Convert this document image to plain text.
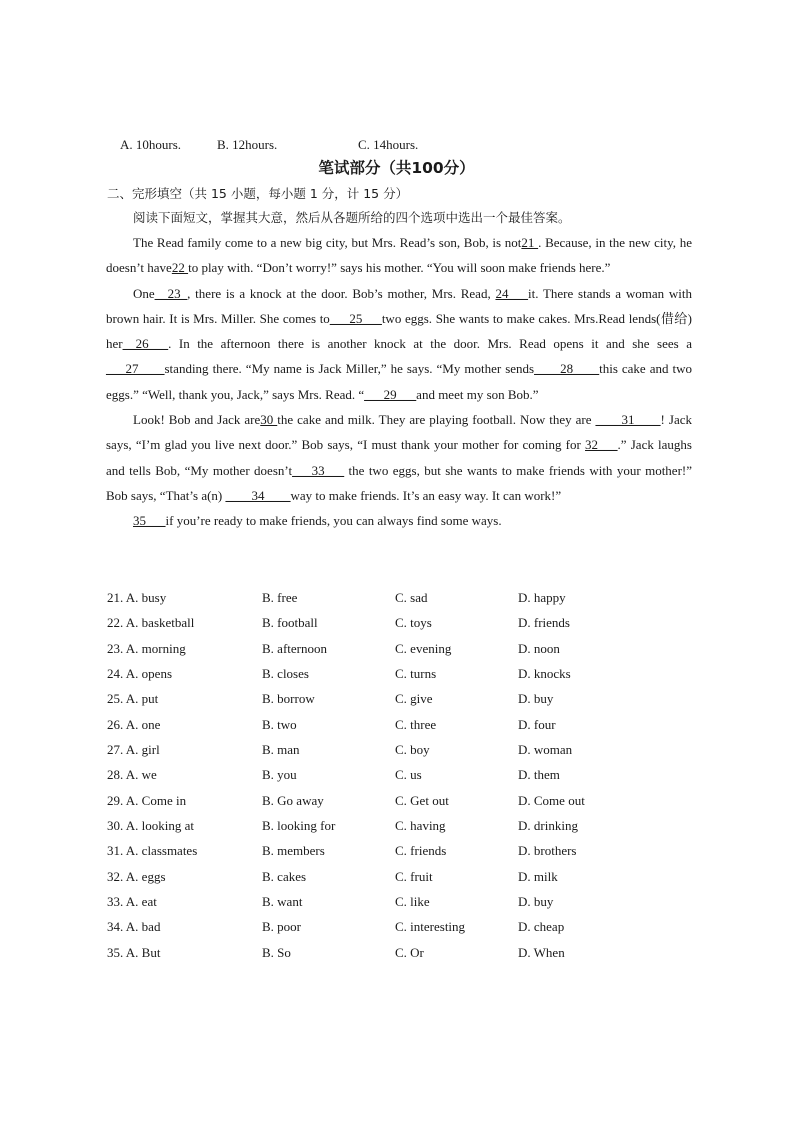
A. 10hours.	B. 12hours.	C. 14hours.
笔试部分（共100分）
二、完形填空（共 15 小题，每小题 1 分，计 15 分）
阅读下面短文，掌握其大意，然后从各题所给的四个选项中选出一个最佳答案。

The Read family come to a new big city, but Mrs. Read’s son, Bob, is not21 . Because, in the new city, he doesn’t have22 to play with. “Don’t worry!” says his mother. “You will soon make friends here.”

One__23_, there is a knock at the door. Bob’s mother, Mrs. Read, 24___it. There stands a woman with brown hair. It is Mrs. Miller. She comes to___25___two eggs. She wants to make cakes. Mrs.Read lends(借给) her__26___. In the afternoon there is another knock at the door. Mrs. Read opens it and she sees a ___27____standing there. “My name is Jack Miller,” he says. “My mother sends____28____this cake and two eggs.” “Well, thank you, Jack,” says Mrs. Read. “___29___and meet my son Bob.”

Look! Bob and Jack are30 the cake and milk. They are playing football. Now they are ____31____! Jack says, “I’m glad you live next door.” Bob says, “I must thank your mother for coming for 32___.” Jack laughs and tells Bob, “My mother doesn’t___33___ the two eggs, but she wants to make friends with your mother!” Bob says, “That’s a(n) ____34____way to make friends. It’s an easy way. It can work!”

35___if you’re ready to make friends, you can always find some ways.

21. A. busy	B. free	C. sad	D. happy
22. A. basketball	B. football	C. toys	D. friends
23. A. morning	B. afternoon	C. evening	D. noon
24. A. opens	B. closes	C. turns	D. knocks
25. A. put	B. borrow	C. give	D. buy
26. A. one	B. two	C. three	D. four
27. A. girl	B. man	C. boy	D. woman
28. A. we	B. you	C. us	D. them
29. A. Come in	B. Go away	C. Get out	D. Come out
30. A. looking at	B. looking for	C. having	D. drinking
31. A. classmates	B. members	C. friends	D. brothers
32. A. eggs	B. cakes	C. fruit	D. milk
33. A. eat	B. want	C. like	D. buy
34. A. bad	B. poor	C. interesting	D. cheap
35. A. But	B. So	C. Or	D. When
